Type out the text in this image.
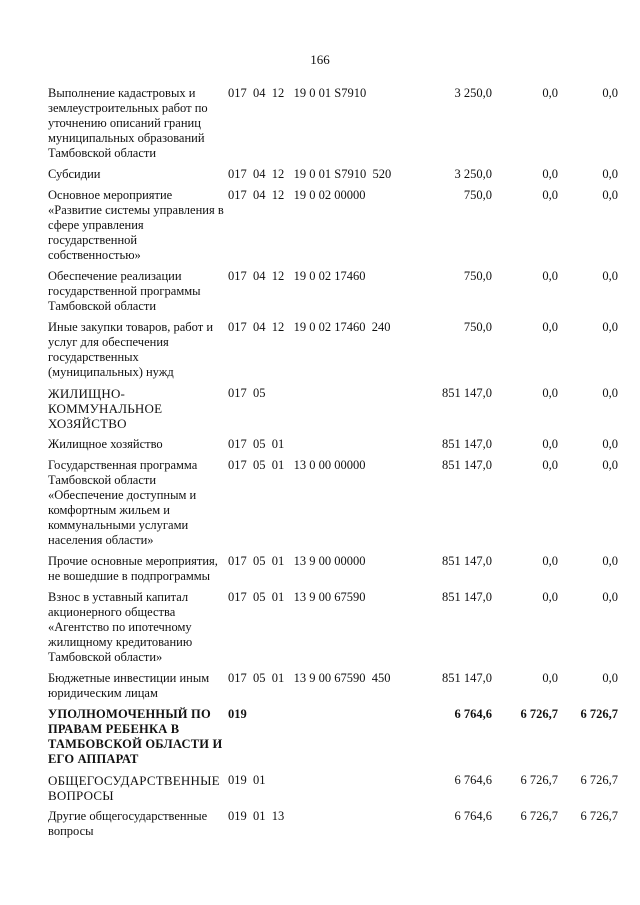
166
Выполнение кадастровых и землеустроительных работ по уточнению описаний границ муниципальных образований Тамбовской области	017  04  12   19 0 01 S7910	3 250,0	0,0	0,0
Субсидии	017  04  12   19 0 01 S7910  520	3 250,0	0,0	0,0
Основное мероприятие «Развитие системы управления в сфере управления государственной собственностью»	017  04  12   19 0 02 00000	750,0	0,0	0,0
Обеспечение реализации государственной программы Тамбовской области	017  04  12   19 0 02 17460	750,0	0,0	0,0
Иные закупки товаров, работ и услуг для обеспечения государственных (муниципальных) нужд	017  04  12   19 0 02 17460  240	750,0	0,0	0,0
ЖИЛИЩНО-КОММУНАЛЬНОЕ ХОЗЯЙСТВО	017  05	851 147,0	0,0	0,0
Жилищное хозяйство	017  05  01	851 147,0	0,0	0,0
Государственная программа Тамбовской области «Обеспечение доступным и комфортным жильем и коммунальными услугами населения области»	017  05  01   13 0 00 00000	851 147,0	0,0	0,0
Прочие основные мероприятия, не вошедшие в подпрограммы	017  05  01   13 9 00 00000	851 147,0	0,0	0,0
Взнос в уставный капитал акционерного общества «Агентство по ипотечному жилищному кредитованию Тамбовской области»	017  05  01   13 9 00 67590	851 147,0	0,0	0,0
Бюджетные инвестиции иным юридическим лицам	017  05  01   13 9 00 67590  450	851 147,0	0,0	0,0
УПОЛНОМОЧЕННЫЙ ПО ПРАВАМ РЕБЕНКА В ТАМБОВСКОЙ ОБЛАСТИ И ЕГО АППАРАТ	019	6 764,6	6 726,7	6 726,7
ОБЩЕГОСУДАРСТВЕННЫЕ ВОПРОСЫ	019  01	6 764,6	6 726,7	6 726,7
Другие общегосударственные вопросы	019  01  13	6 764,6	6 726,7	6 726,7
